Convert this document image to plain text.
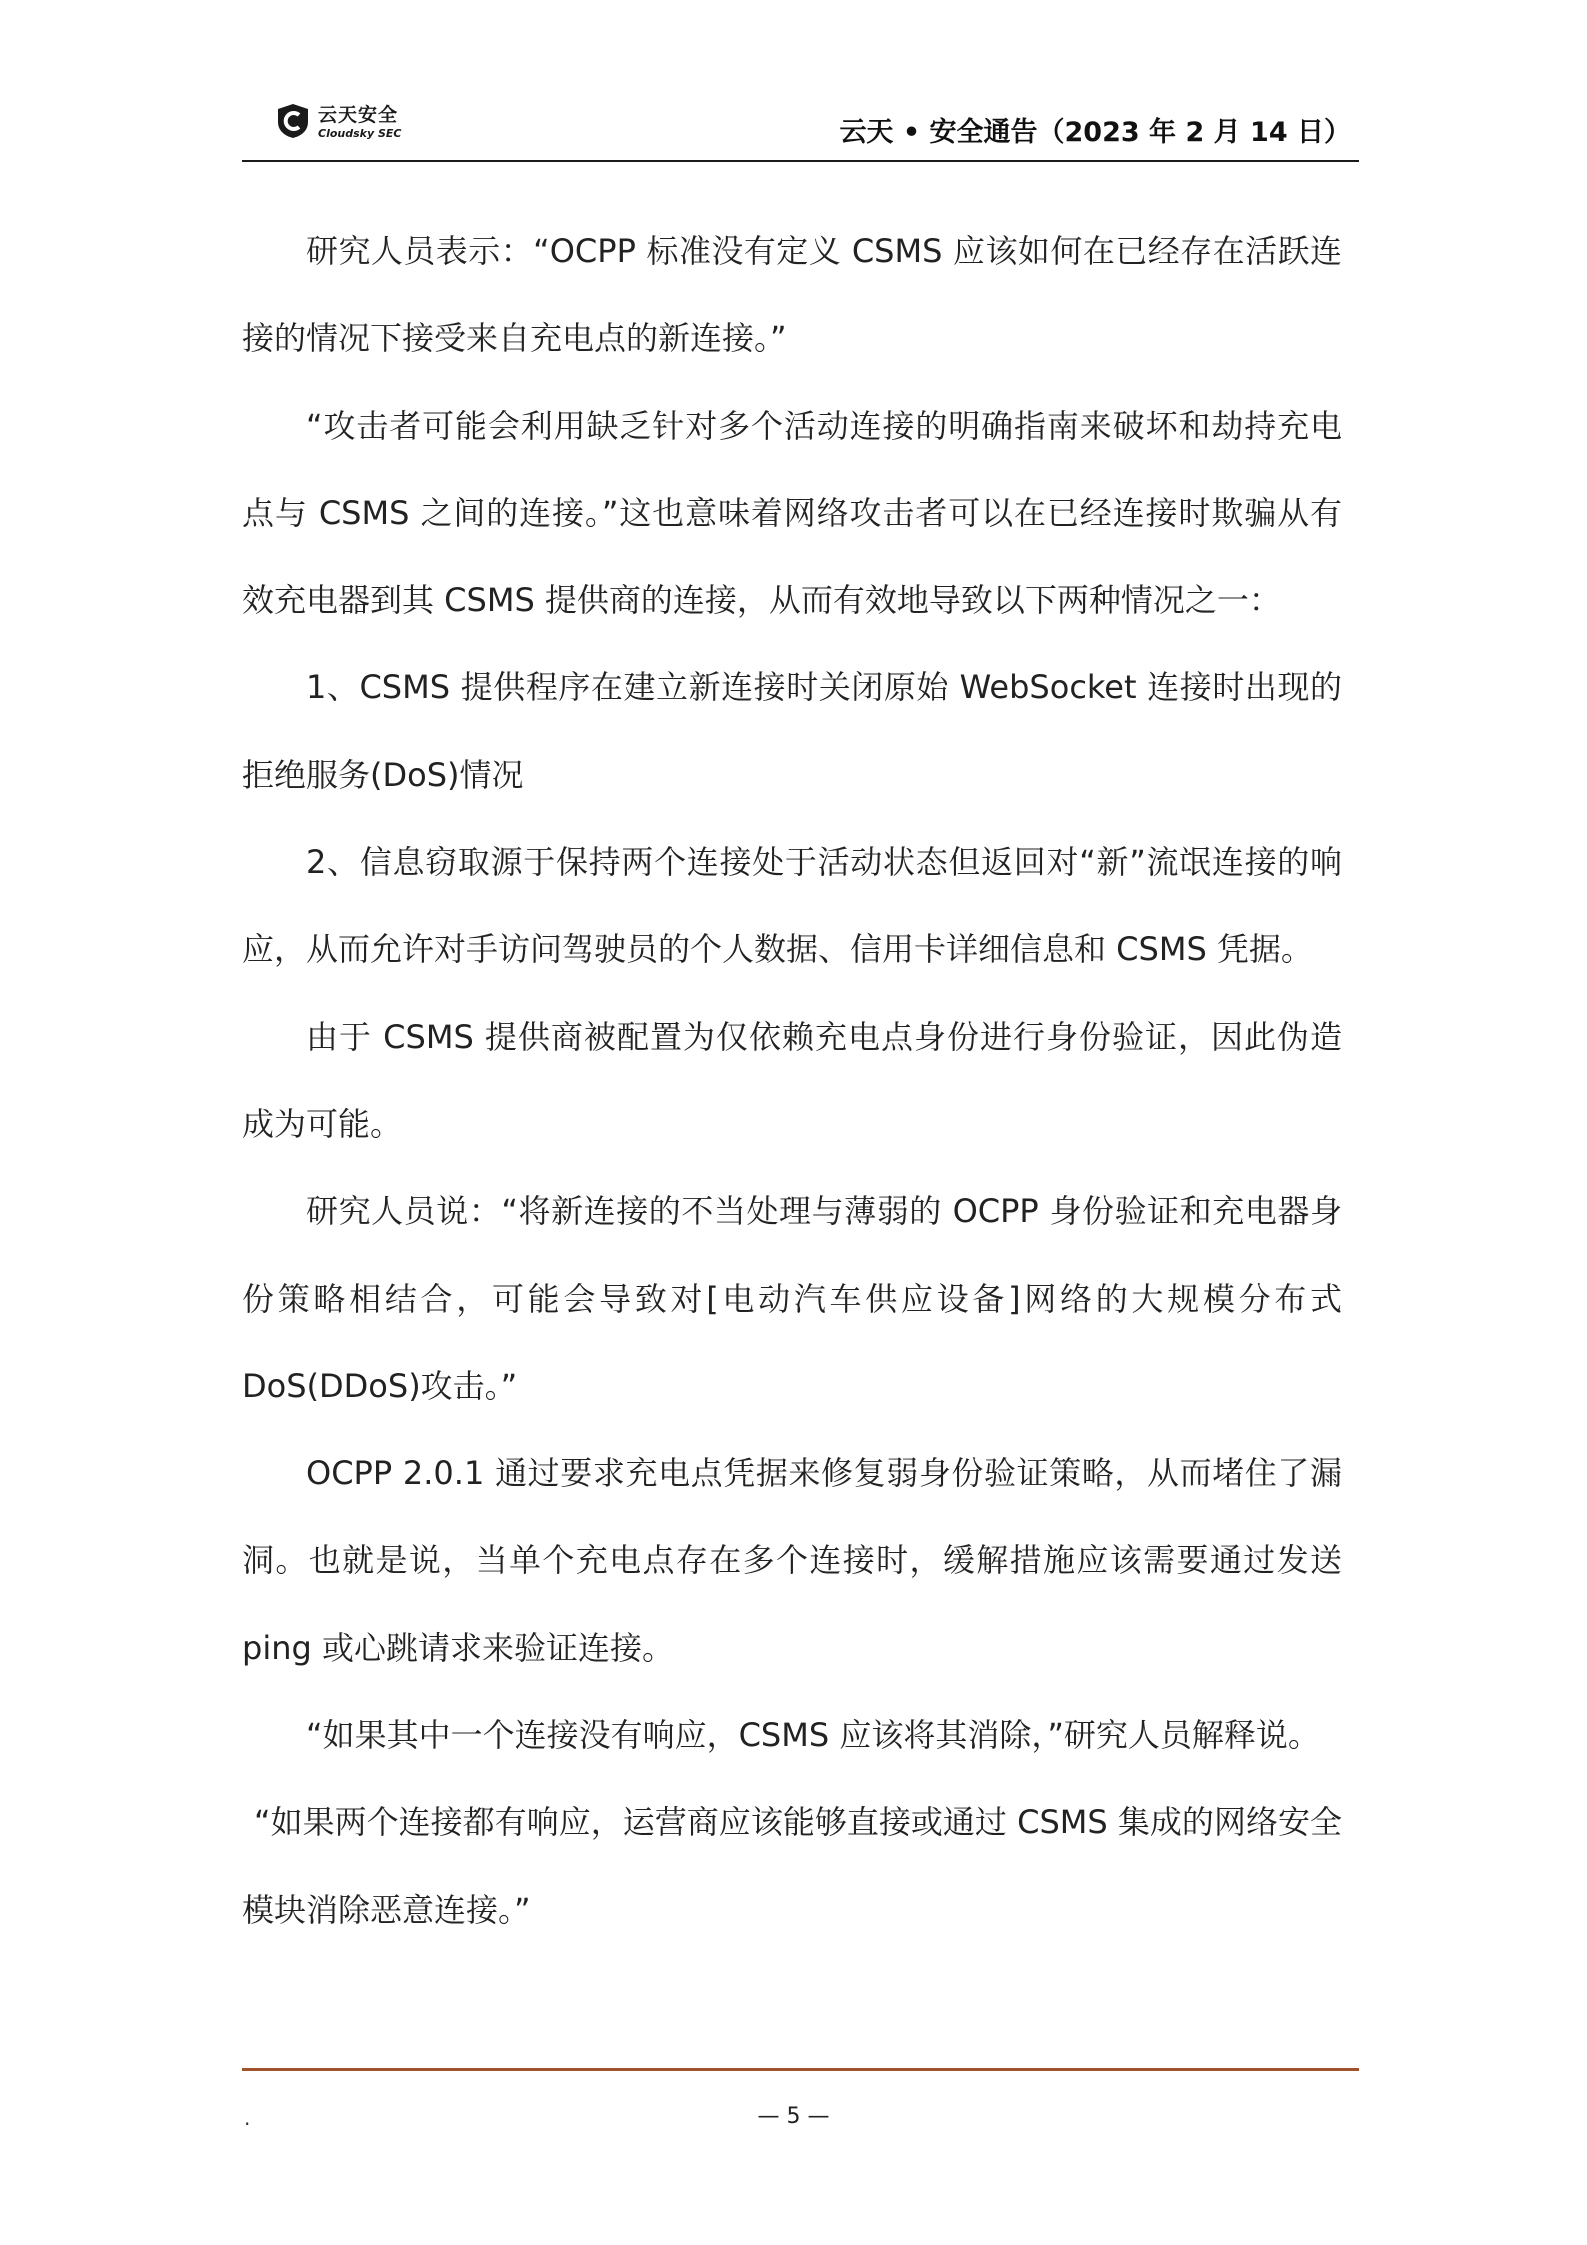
云天安全
Cloudsky SEC	云天 • 安全通告（2023 年 2 月 14 日）

研究人员表示：“OCPP 标准没有定义 CSMS 应该如何在已经存在活跃连接的情况下接受来自充电点的新连接。”

“攻击者可能会利用缺乏针对多个活动连接的明确指南来破坏和劫持充电点与 CSMS 之间的连接。”这也意味着网络攻击者可以在已经连接时欺骗从有效充电器到其 CSMS 提供商的连接，从而有效地导致以下两种情况之一：

1、CSMS 提供程序在建立新连接时关闭原始 WebSocket 连接时出现的拒绝服务(DoS)情况

2、信息窃取源于保持两个连接处于活动状态但返回对“新”流氓连接的响应，从而允许对手访问驾驶员的个人数据、信用卡详细信息和 CSMS 凭据。

由于 CSMS 提供商被配置为仅依赖充电点身份进行身份验证，因此伪造成为可能。

研究人员说：“将新连接的不当处理与薄弱的 OCPP 身份验证和充电器身份策略相结合，可能会导致对[电动汽车供应设备]网络的大规模分布式 DoS(DDoS)攻击。”

OCPP 2.0.1 通过要求充电点凭据来修复弱身份验证策略，从而堵住了漏洞。也就是说，当单个充电点存在多个连接时，缓解措施应该需要通过发送 ping 或心跳请求来验证连接。

“如果其中一个连接没有响应，CSMS 应该将其消除，”研究人员解释说。

“如果两个连接都有响应，运营商应该能够直接或通过 CSMS 集成的网络安全模块消除恶意连接。”

.	— 5 —
